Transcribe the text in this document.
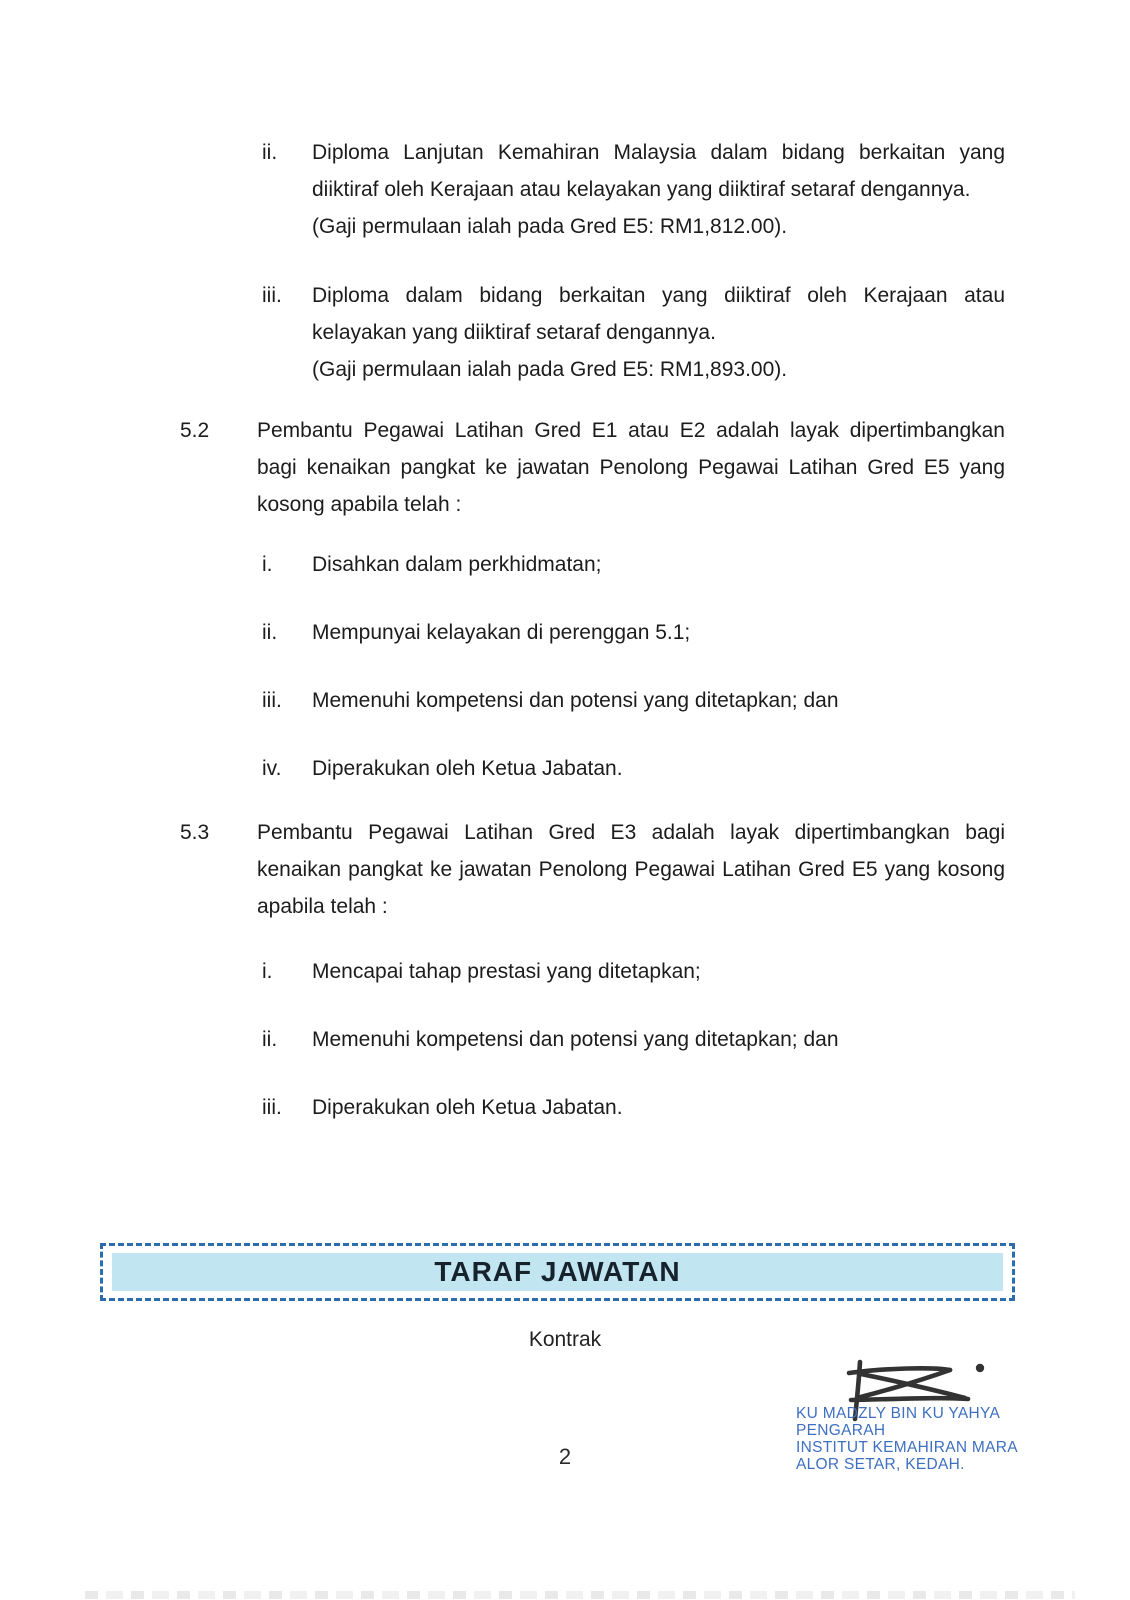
ii.	Diploma Lanjutan Kemahiran Malaysia dalam bidang berkaitan yang diiktiraf oleh Kerajaan atau kelayakan yang diiktiraf setaraf dengannya.

(Gaji permulaan ialah pada Gred E5: RM1,812.00).

iii.	Diploma dalam bidang berkaitan yang diiktiraf oleh Kerajaan atau kelayakan yang diiktiraf setaraf dengannya.

(Gaji permulaan ialah pada Gred E5: RM1,893.00).

5.2	Pembantu Pegawai Latihan Gred E1 atau E2 adalah layak dipertimbangkan bagi kenaikan pangkat ke jawatan Penolong Pegawai Latihan Gred E5 yang kosong apabila telah :

i.	Disahkan dalam perkhidmatan;

ii.	Mempunyai kelayakan di perenggan 5.1;

iii.	Memenuhi kompetensi dan potensi yang ditetapkan; dan

iv.	Diperakukan oleh Ketua Jabatan.

5.3	Pembantu Pegawai Latihan Gred E3 adalah layak dipertimbangkan bagi kenaikan pangkat ke jawatan Penolong Pegawai Latihan Gred E5 yang kosong apabila telah :

i.	Mencapai tahap prestasi yang ditetapkan;

ii.	Memenuhi kompetensi dan potensi yang ditetapkan; dan

iii.	Diperakukan oleh Ketua Jabatan.

TARAF JAWATAN
Kontrak
KU MADZLY BIN KU YAHYA
PENGARAH
INSTITUT KEMAHIRAN MARA
ALOR SETAR, KEDAH.
2
